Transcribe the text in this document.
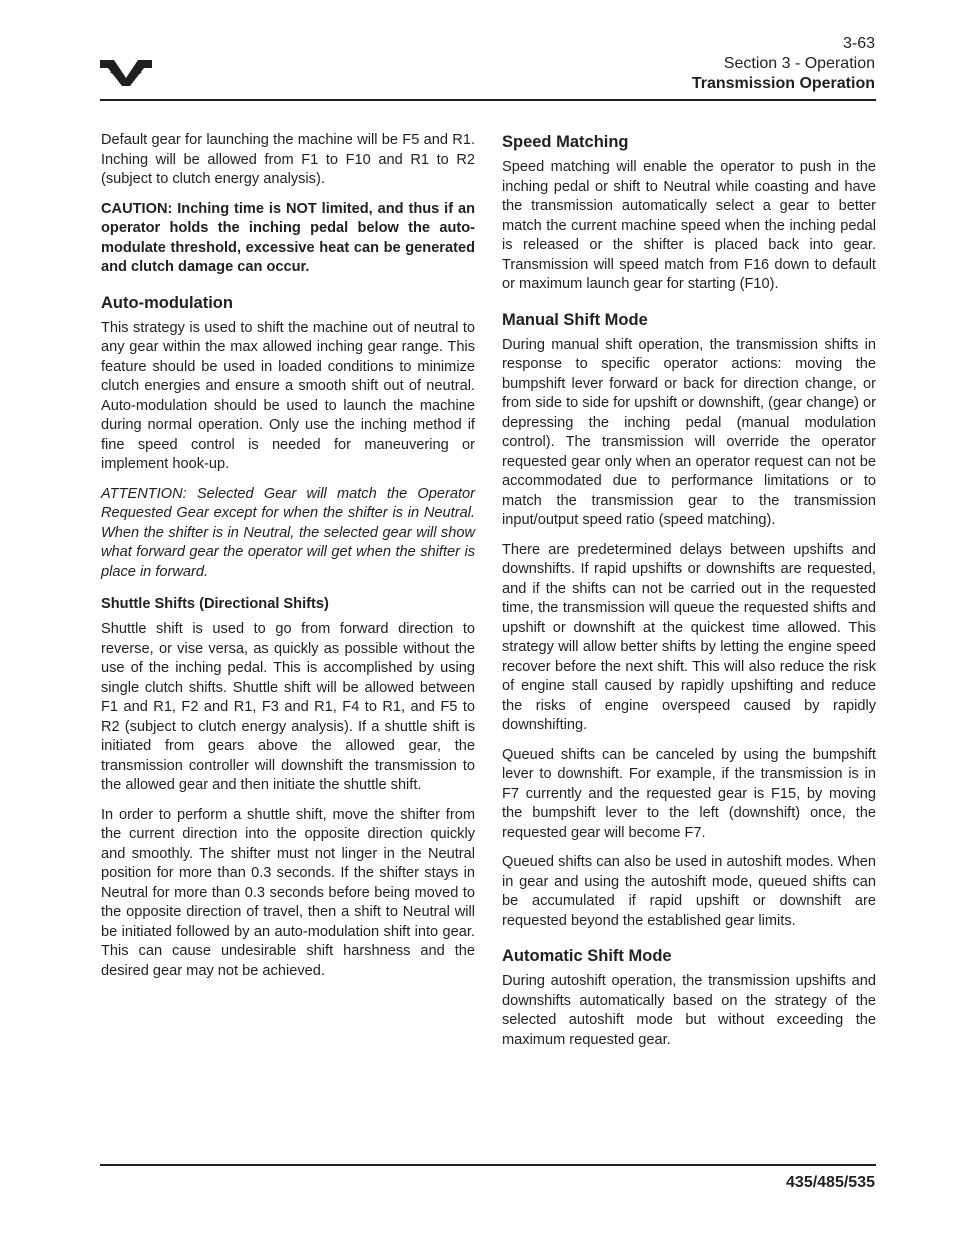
3-63
Section 3 - Operation
Transmission Operation

Default gear for launching the machine will be F5 and R1. Inching will be allowed from F1 to F10 and R1 to R2 (subject to clutch energy analysis).

CAUTION: Inching time is NOT limited, and thus if an operator holds the inching pedal below the auto-modulate threshold, excessive heat can be generated and clutch damage can occur.

Auto-modulation

This strategy is used to shift the machine out of neutral to any gear within the max allowed inching gear range. This feature should be used in loaded conditions to minimize clutch energies and ensure a smooth shift out of neutral. Auto-modulation should be used to launch the machine during normal operation. Only use the inching method if fine speed control is needed for maneuvering or implement hook-up.

ATTENTION: Selected Gear will match the Operator Requested Gear except for when the shifter is in Neutral. When the shifter is in Neutral, the selected gear will show what forward gear the operator will get when the shifter is place in forward.

Shuttle Shifts (Directional Shifts)

Shuttle shift is used to go from forward direction to reverse, or vise versa, as quickly as possible without the use of the inching pedal. This is accomplished by using single clutch shifts. Shuttle shift will be allowed between F1 and R1, F2 and R1, F3 and R1, F4 to R1, and F5 to R2 (subject to clutch energy analysis). If a shuttle shift is initiated from gears above the allowed gear, the transmission controller will downshift the transmission to the allowed gear and then initiate the shuttle shift.

In order to perform a shuttle shift, move the shifter from the current direction into the opposite direction quickly and smoothly. The shifter must not linger in the Neutral position for more than 0.3 seconds. If the shifter stays in Neutral for more than 0.3 seconds before being moved to the opposite direction of travel, then a shift to Neutral will be initiated followed by an auto-modulation shift into gear. This can cause undesirable shift harshness and the desired gear may not be achieved.

Speed Matching

Speed matching will enable the operator to push in the inching pedal or shift to Neutral while coasting and have the transmission automatically select a gear to better match the current machine speed when the inching pedal is released or the shifter is placed back into gear. Transmission will speed match from F16 down to default or maximum launch gear for starting (F10).

Manual Shift Mode

During manual shift operation, the transmission shifts in response to specific operator actions: moving the bumpshift lever forward or back for direction change, or from side to side for upshift or downshift, (gear change) or depressing the inching pedal (manual modulation control). The transmission will override the operator requested gear only when an operator request can not be accommodated due to performance limitations or to match the transmission gear to the transmission input/output speed ratio (speed matching).

There are predetermined delays between upshifts and downshifts. If rapid upshifts or downshifts are requested, and if the shifts can not be carried out in the requested time, the transmission will queue the requested shifts and upshift or downshift at the quickest time allowed. This strategy will allow better shifts by letting the engine speed recover before the next shift. This will also reduce the risk of engine stall caused by rapidly upshifting and reduce the risks of engine overspeed caused by rapidly downshifting.

Queued shifts can be canceled by using the bumpshift lever to downshift. For example, if the transmission is in F7 currently and the requested gear is F15, by moving the bumpshift lever to the left (downshift) once, the requested gear will become F7.

Queued shifts can also be used in autoshift modes. When in gear and using the autoshift mode, queued shifts can be accumulated if rapid upshift or downshift are requested beyond the established gear limits.

Automatic Shift Mode

During autoshift operation, the transmission upshifts and downshifts automatically based on the strategy of the selected autoshift mode but without exceeding the maximum requested gear.

435/485/535
